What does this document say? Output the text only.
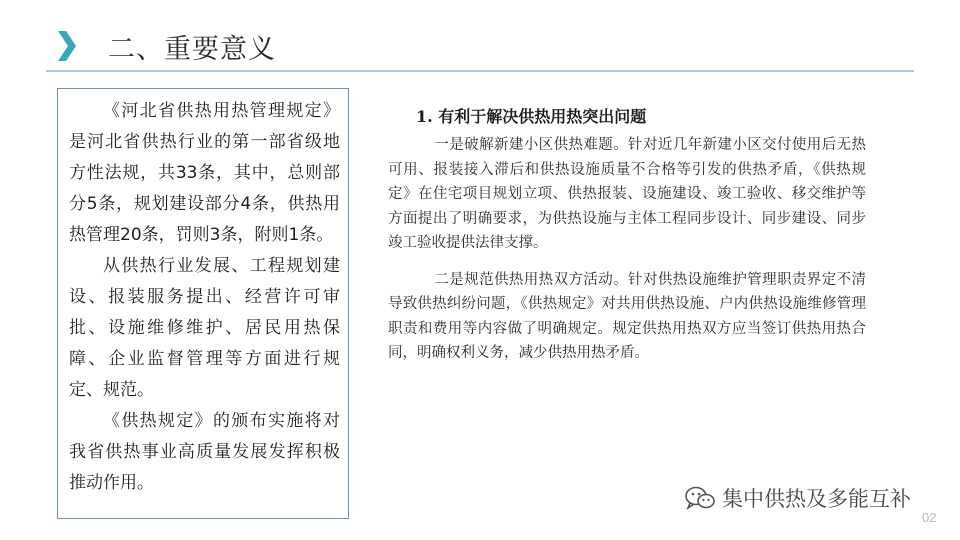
二、重要意义

《河北省供热用热管理规定》是河北省供热行业的第一部省级地方性法规，共33条，其中，总则部分5条，规划建设部分4条，供热用热管理20条，罚则3条，附则1条。

从供热行业发展、工程规划建设、报装服务提出、经营许可审批、设施维修维护、居民用热保障、企业监督管理等方面进行规定、规范。

《供热规定》的颁布实施将对我省供热事业高质量发展发挥积极推动作用。

1. 有利于解决供热用热突出问题

一是破解新建小区供热难题。针对近几年新建小区交付使用后无热可用、报装接入滞后和供热设施质量不合格等引发的供热矛盾，《供热规定》在住宅项目规划立项、供热报装、设施建设、竣工验收、移交维护等方面提出了明确要求，为供热设施与主体工程同步设计、同步建设、同步竣工验收提供法律支撑。

二是规范供热用热双方活动。针对供热设施维护管理职责界定不清导致供热纠纷问题，《供热规定》对共用供热设施、户内供热设施维修管理职责和费用等内容做了明确规定。规定供热用热双方应当签订供热用热合同，明确权利义务，减少供热用热矛盾。

集中供热及多能互补
02
